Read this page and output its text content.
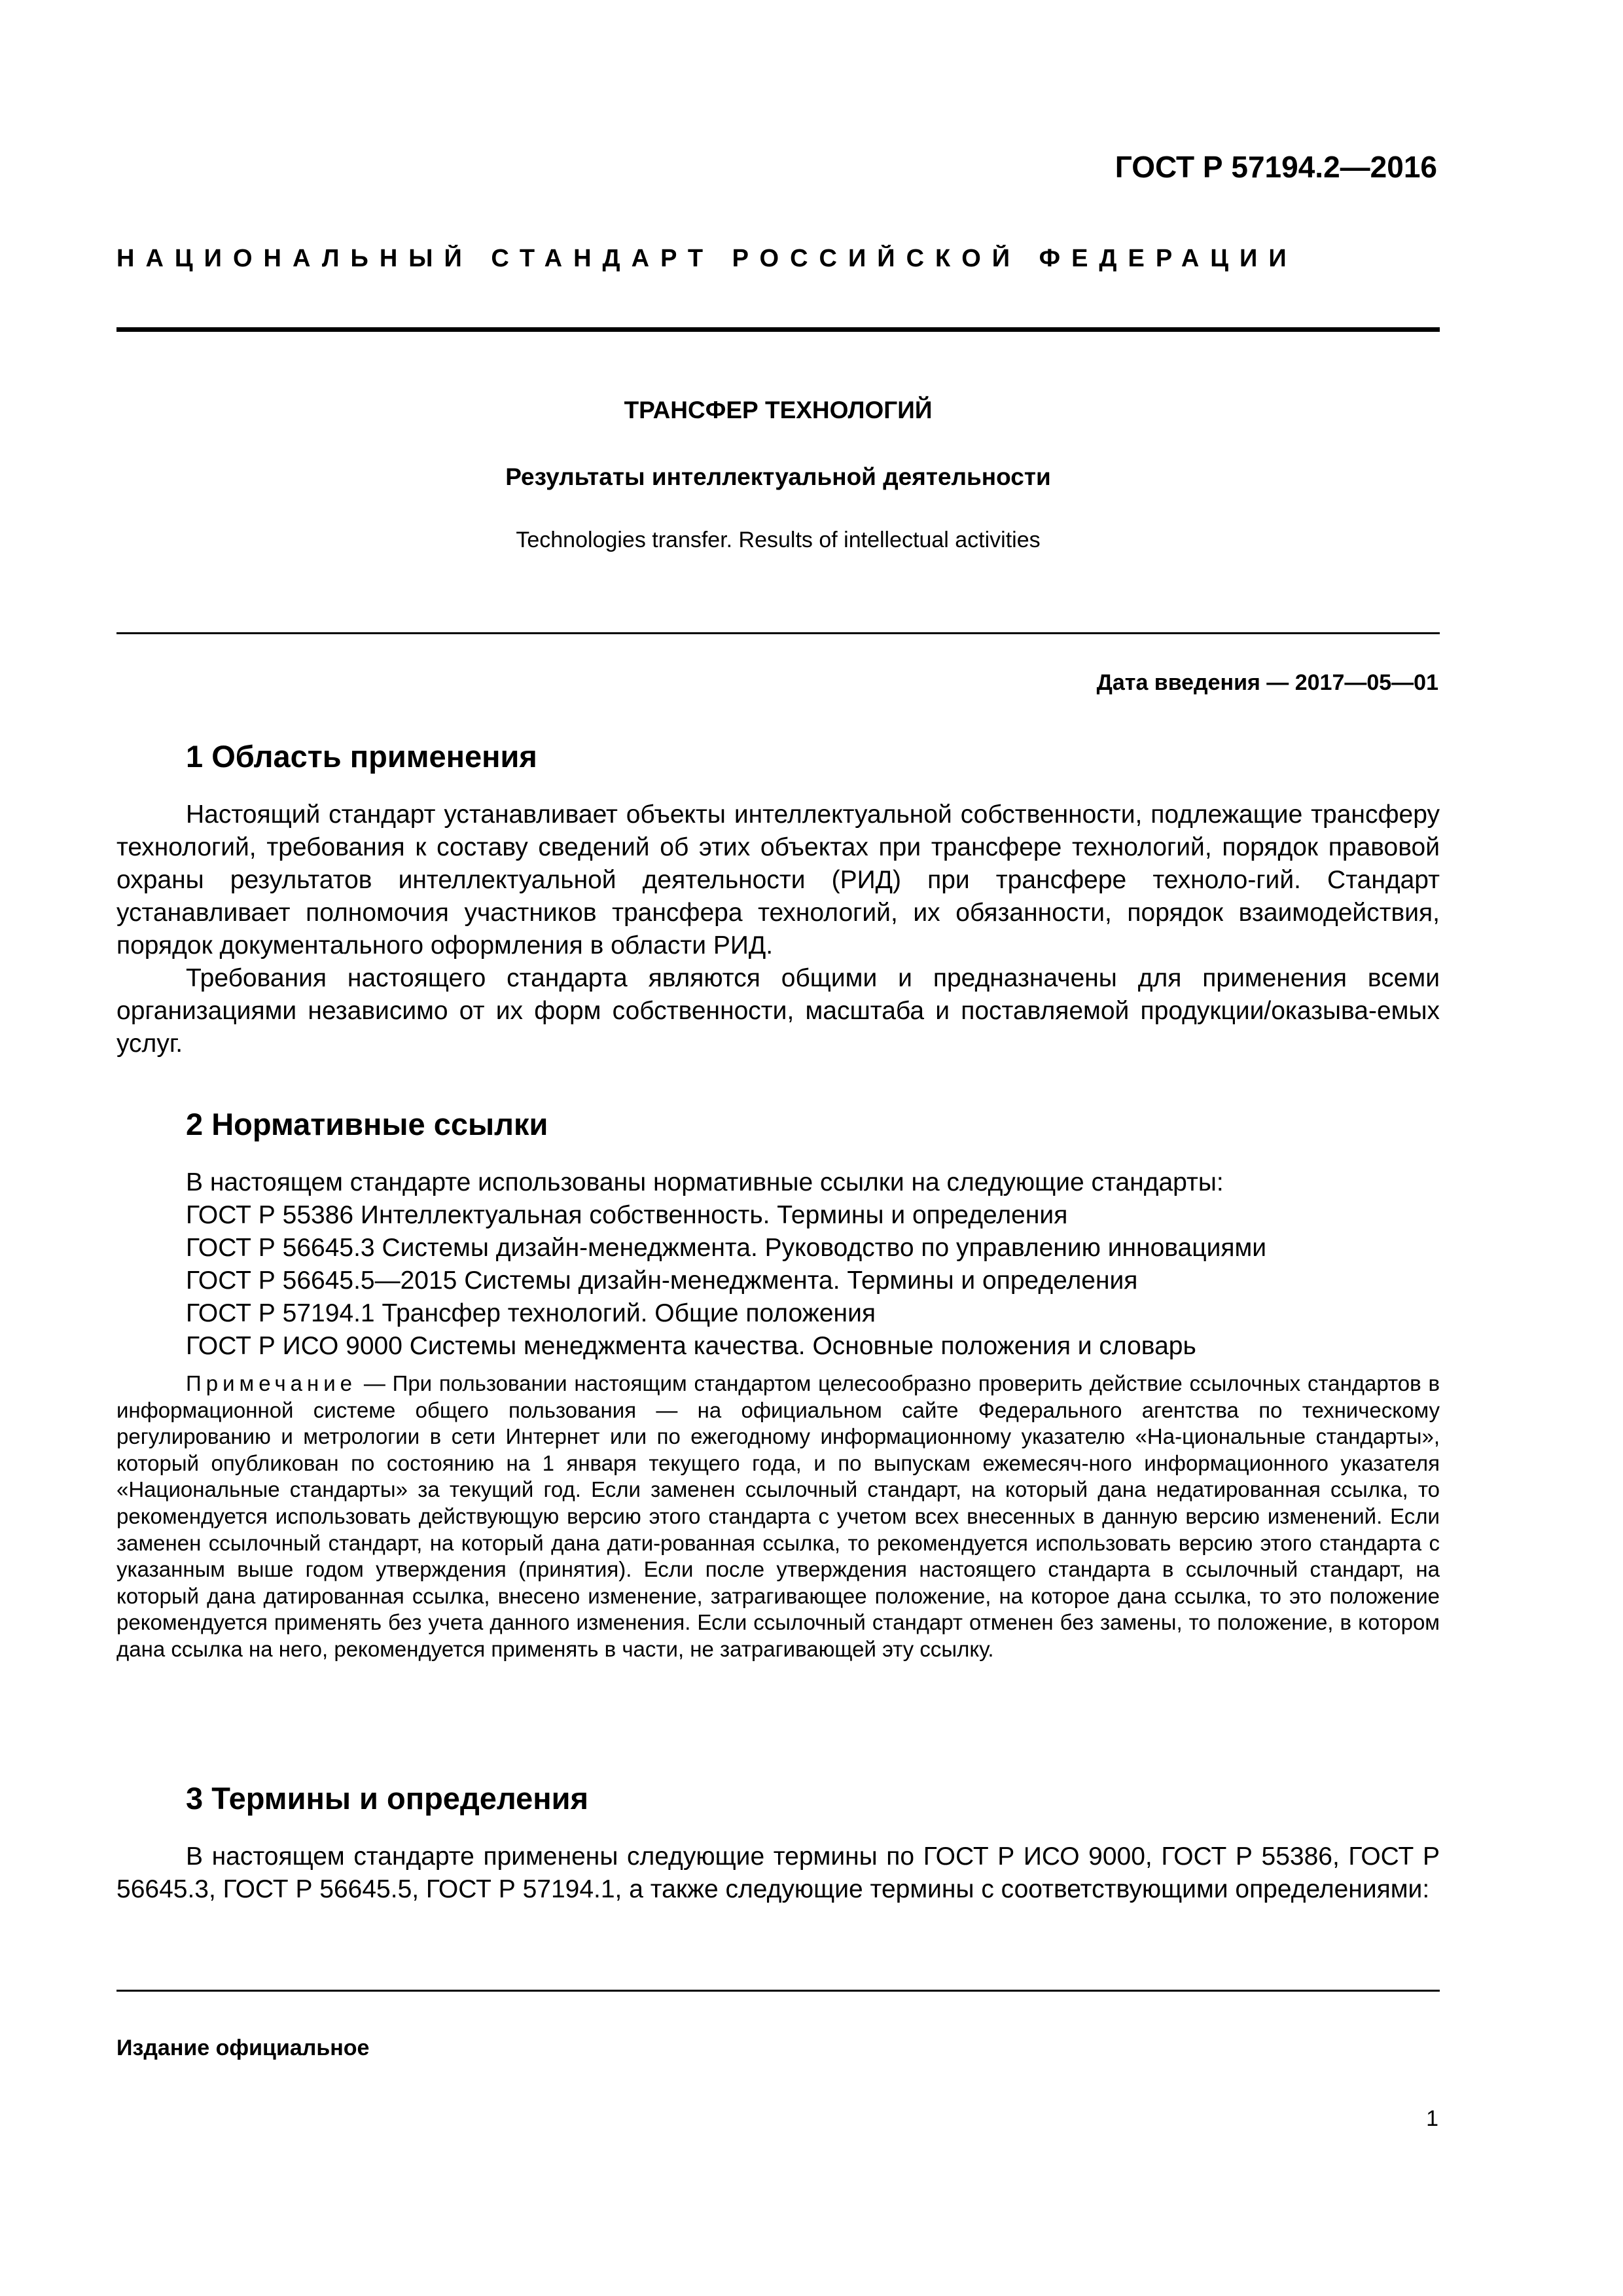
ГОСТ Р 57194.2—2016
НАЦИОНАЛЬНЫЙ СТАНДАРТ РОССИЙСКОЙ ФЕДЕРАЦИИ
ТРАНСФЕР ТЕХНОЛОГИЙ
Результаты интеллектуальной деятельности
Technologies transfer. Results of intellectual activities
Дата введения — 2017—05—01
1 Область применения

Настоящий стандарт устанавливает объекты интеллектуальной собственности, подлежащие трансферу технологий, требования к составу сведений об этих объектах при трансфере технологий, порядок правовой охраны результатов интеллектуальной деятельности (РИД) при трансфере техноло-гий. Стандарт устанавливает полномочия участников трансфера технологий, их обязанности, порядок взаимодействия, порядок документального оформления в области РИД.

Требования настоящего стандарта являются общими и предназначены для применения всеми организациями независимо от их форм собственности, масштаба и поставляемой продукции/оказыва-емых услуг.

2 Нормативные ссылки
В настоящем стандарте использованы нормативные ссылки на следующие стандарты:
ГОСТ Р 55386 Интеллектуальная собственность. Термины и определения
ГОСТ Р 56645.3 Системы дизайн-менеджмента. Руководство по управлению инновациями
ГОСТ Р 56645.5—2015 Системы дизайн-менеджмента. Термины и определения
ГОСТ Р 57194.1 Трансфер технологий. Общие положения
ГОСТ Р ИСО 9000 Системы менеджмента качества. Основные положения и словарь

Примечание — При пользовании настоящим стандартом целесообразно проверить действие ссылочных стандартов в информационной системе общего пользования — на официальном сайте Федерального агентства по техническому регулированию и метрологии в сети Интернет или по ежегодному информационному указателю «На-циональные стандарты», который опубликован по состоянию на 1 января текущего года, и по выпускам ежемесяч-ного информационного указателя «Национальные стандарты» за текущий год. Если заменен ссылочный стандарт, на который дана недатированная ссылка, то рекомендуется использовать действующую версию этого стандарта с учетом всех внесенных в данную версию изменений. Если заменен ссылочный стандарт, на который дана дати-рованная ссылка, то рекомендуется использовать версию этого стандарта с указанным выше годом утверждения (принятия). Если после утверждения настоящего стандарта в ссылочный стандарт, на который дана датированная ссылка, внесено изменение, затрагивающее положение, на которое дана ссылка, то это положение рекомендуется применять без учета данного изменения. Если ссылочный стандарт отменен без замены, то положение, в котором дана ссылка на него, рекомендуется применять в части, не затрагивающей эту ссылку.

3 Термины и определения

В настоящем стандарте применены следующие термины по ГОСТ Р ИСО 9000, ГОСТ Р 55386, ГОСТ Р 56645.3, ГОСТ Р 56645.5, ГОСТ Р 57194.1, а также следующие термины с соответствующими определениями:

Издание официальное
1
